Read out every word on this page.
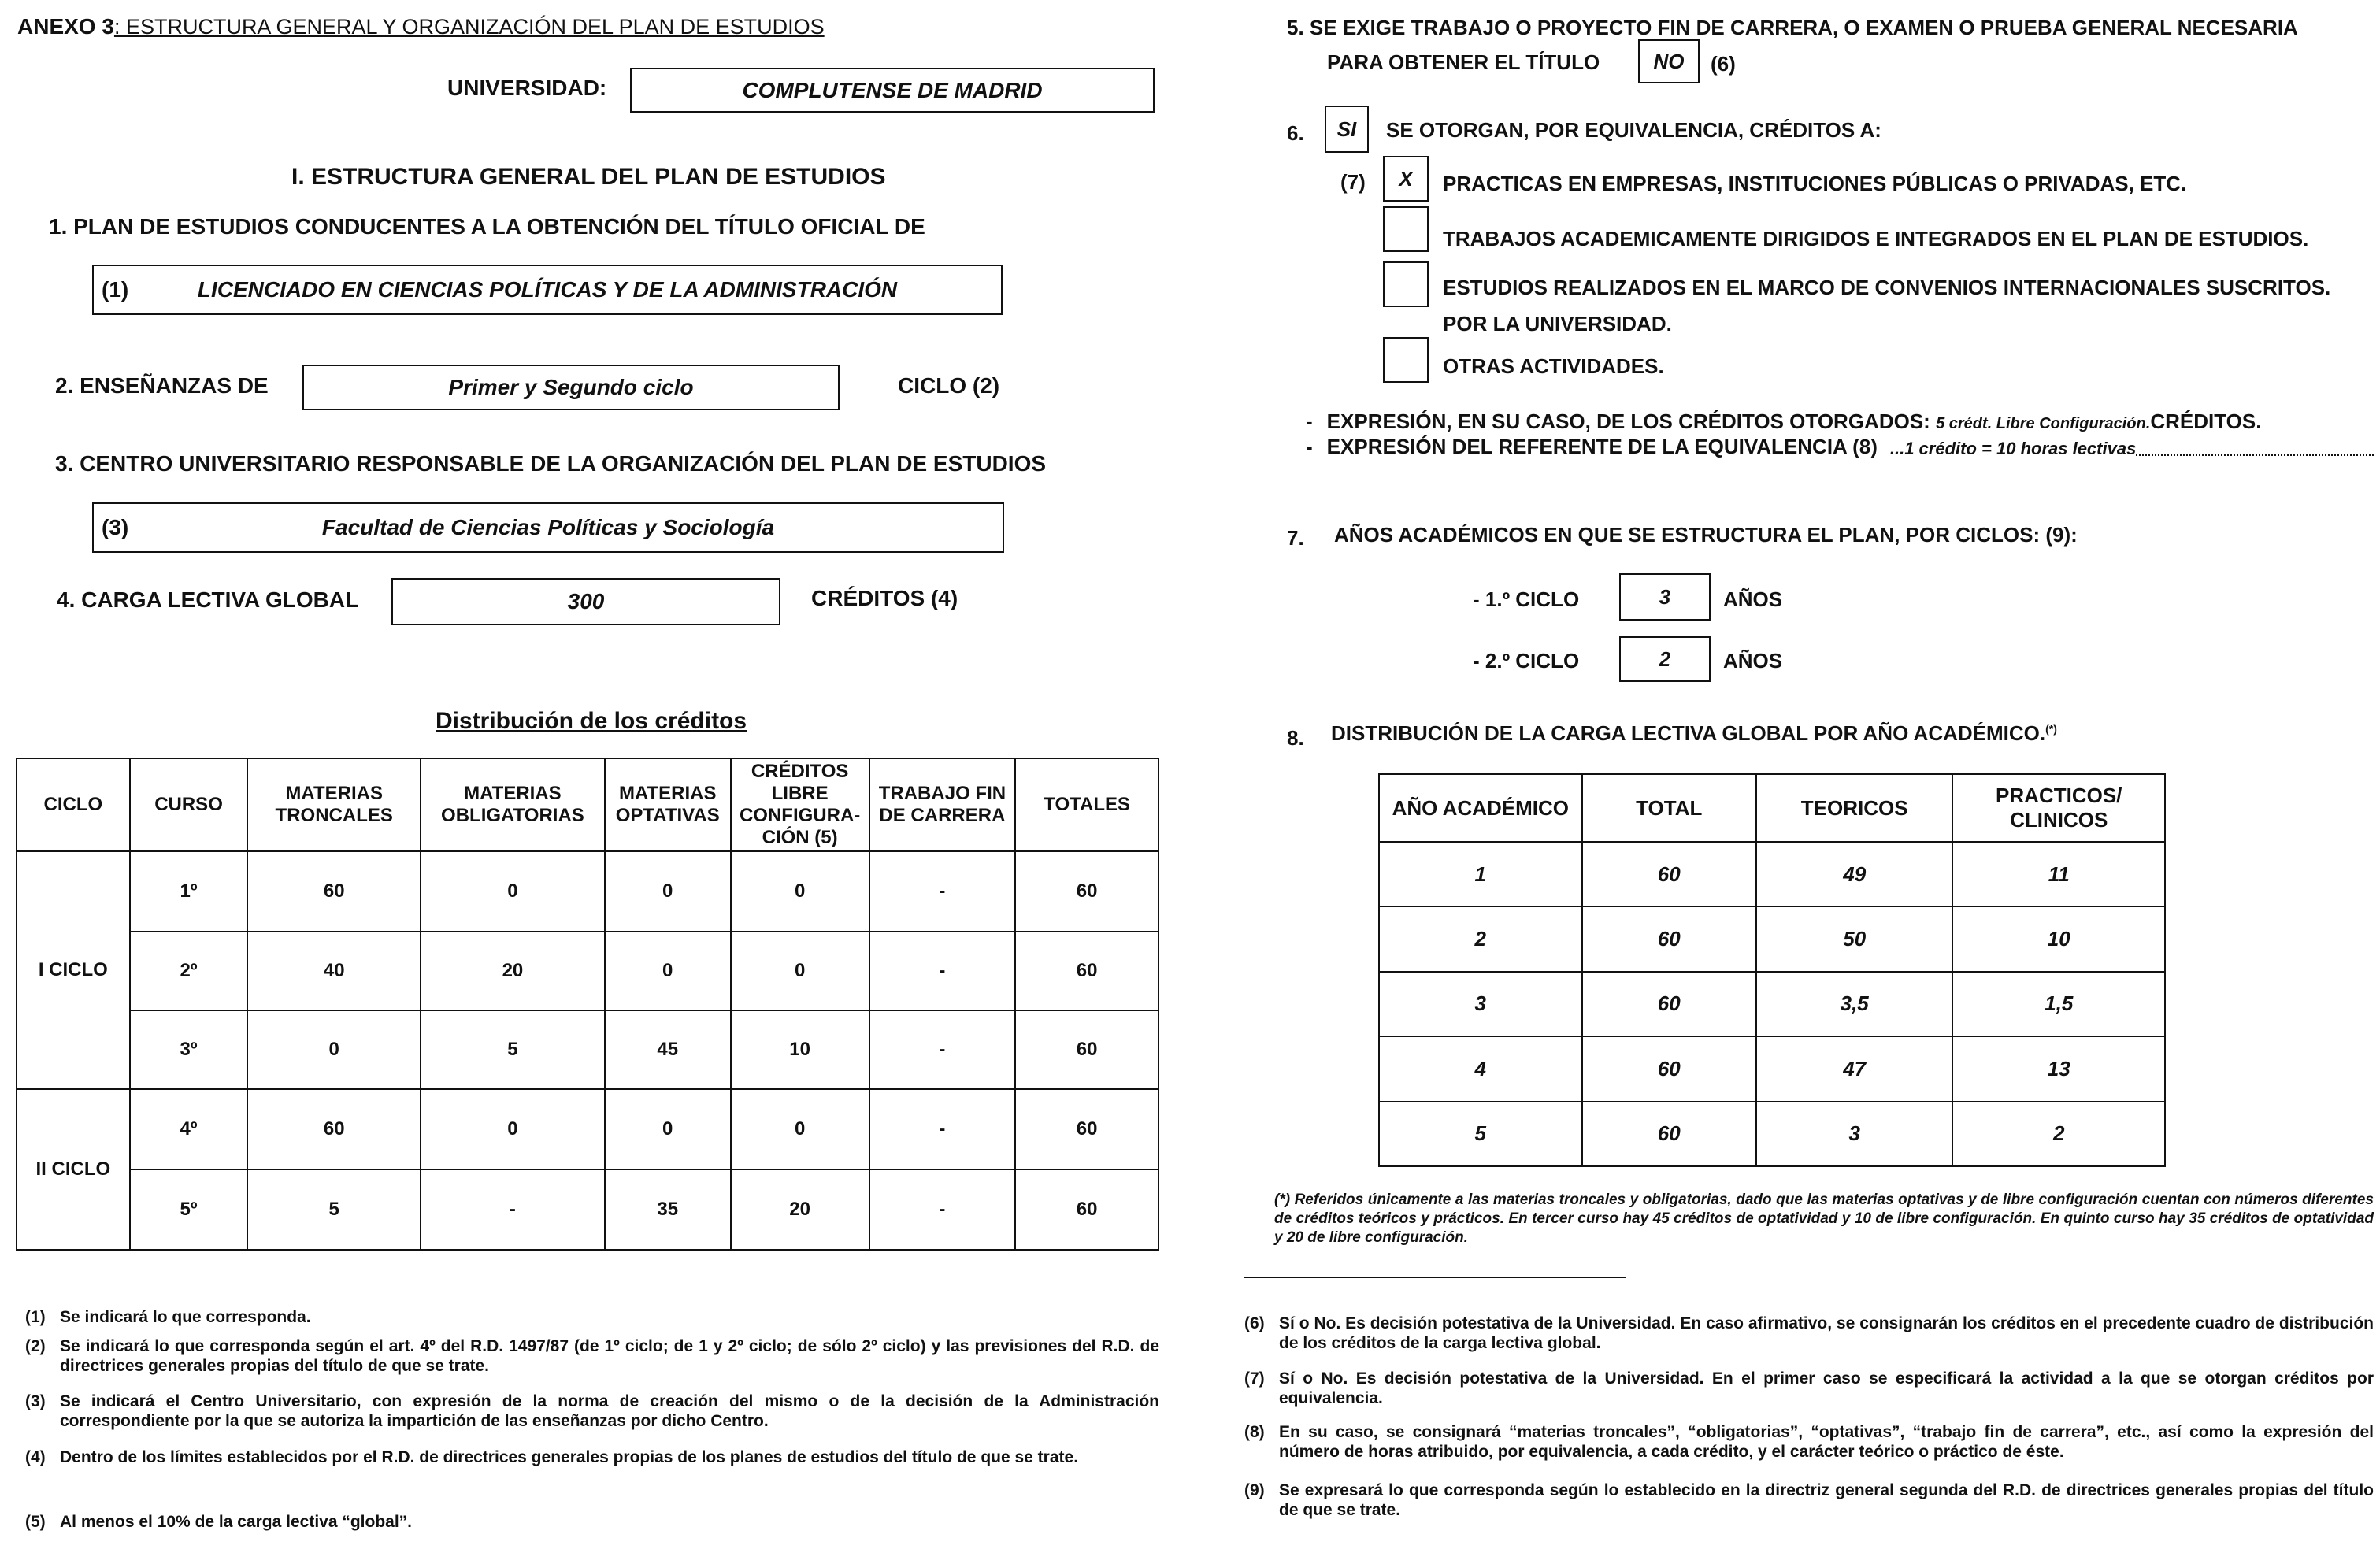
ANEXO 3: ESTRUCTURA GENERAL Y ORGANIZACIÓN DEL PLAN DE ESTUDIOS
UNIVERSIDAD:	COMPLUTENSE DE MADRID
I. ESTRUCTURA GENERAL DEL PLAN DE ESTUDIOS
1. PLAN DE ESTUDIOS CONDUCENTES A LA OBTENCIÓN DEL TÍTULO OFICIAL DE
(1)	LICENCIADO EN CIENCIAS POLÍTICAS Y DE LA ADMINISTRACIÓN
2. ENSEÑANZAS DE	Primer y Segundo ciclo	CICLO (2)
3. CENTRO UNIVERSITARIO RESPONSABLE DE LA ORGANIZACIÓN DEL PLAN DE ESTUDIOS
(3)	Facultad de Ciencias Políticas y Sociología
4. CARGA LECTIVA GLOBAL	300	CRÉDITOS (4)
Distribución de los créditos
CICLO	CURSO	MATERIAS TRONCALES	MATERIAS OBLIGATORIAS	MATERIAS OPTATIVAS	CRÉDITOS LIBRE CONFIGURA-CIÓN (5)	TRABAJO FIN DE CARRERA	TOTALES
I CICLO	1º	60	0	0	0	-	60
	2º	40	20	0	0	-	60
	3º	0	5	45	10	-	60
II CICLO	4º	60	0	0	0	-	60
	5º	5	-	35	20	-	60
(1) Se indicará lo que corresponda.
(2) Se indicará lo que corresponda según el art. 4º del R.D. 1497/87 (de 1º ciclo; de 1 y 2º ciclo; de sólo 2º ciclo) y las previsiones del R.D. de directrices generales propias del título de que se trate.
(3) Se indicará el Centro Universitario, con expresión de la norma de creación del mismo o de la decisión de la Administración correspondiente por la que se autoriza la impartición de las enseñanzas por dicho Centro.
(4) Dentro de los límites establecidos por el R.D. de directrices generales propias de los planes de estudios del título de que se trate.
(5) Al menos el 10% de la carga lectiva “global”.
5. SE EXIGE TRABAJO O PROYECTO FIN DE CARRERA, O EXAMEN O PRUEBA GENERAL NECESARIA
PARA OBTENER EL TÍTULO	NO	(6)
6.	SI	SE OTORGAN, POR EQUIVALENCIA, CRÉDITOS A:
(7)	X	PRACTICAS EN EMPRESAS, INSTITUCIONES PÚBLICAS O PRIVADAS, ETC.
TRABAJOS ACADEMICAMENTE DIRIGIDOS E INTEGRADOS EN EL PLAN DE ESTUDIOS.
ESTUDIOS REALIZADOS EN EL MARCO DE CONVENIOS INTERNACIONALES SUSCRITOS.
POR LA UNIVERSIDAD.
OTRAS ACTIVIDADES.
- EXPRESIÓN, EN SU CASO, DE LOS CRÉDITOS OTORGADOS: 5 crédt. Libre Configuración.CRÉDITOS.
- EXPRESIÓN DEL REFERENTE DE LA EQUIVALENCIA (8) ...1 crédito = 10 horas lectivas
7. AÑOS ACADÉMICOS EN QUE SE ESTRUCTURA EL PLAN, POR CICLOS: (9):
- 1.º CICLO	3	AÑOS
- 2.º CICLO	2	AÑOS
8. DISTRIBUCIÓN DE LA CARGA LECTIVA GLOBAL POR AÑO ACADÉMICO.(*)
AÑO ACADÉMICO	TOTAL	TEORICOS	PRACTICOS/ CLINICOS
1	60	49	11
2	60	50	10
3	60	3,5	1,5
4	60	47	13
5	60	3	2
(*) Referidos únicamente a las materias troncales y obligatorias, dado que las materias optativas y de libre configuración cuentan con números diferentes de créditos teóricos y prácticos. En tercer curso hay 45 créditos de optatividad y 10 de libre configuración. En quinto curso hay 35 créditos de optatividad y 20 de libre configuración.
(6) Sí o No. Es decisión potestativa de la Universidad. En caso afirmativo, se consignarán los créditos en el precedente cuadro de distribución de los créditos de la carga lectiva global.
(7) Sí o No. Es decisión potestativa de la Universidad. En el primer caso se especificará la actividad a la que se otorgan créditos por equivalencia.
(8) En su caso, se consignará “materias troncales”, “obligatorias”, “optativas”, “trabajo fin de carrera”, etc., así como la expresión del número de horas atribuido, por equivalencia, a cada crédito, y el carácter teórico o práctico de éste.
(9) Se expresará lo que corresponda según lo establecido en la directriz general segunda del R.D. de directrices generales propias del título de que se trate.
